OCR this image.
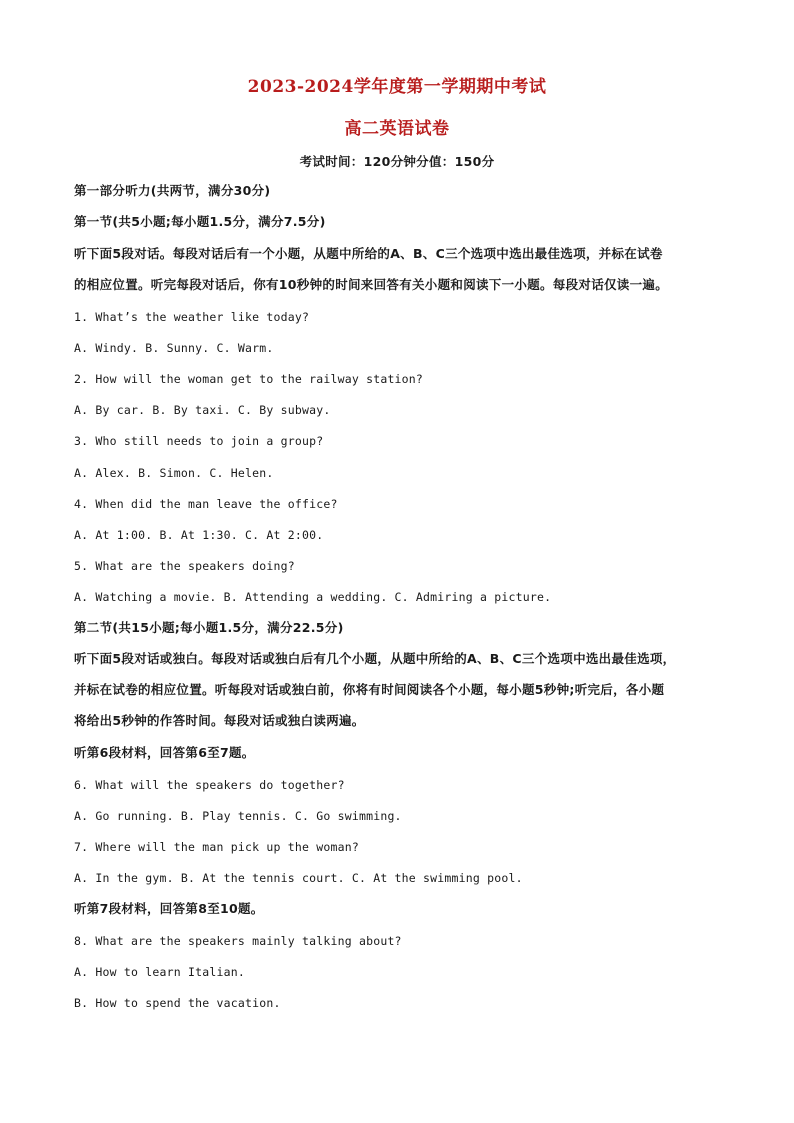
2023-2024学年度第一学期期中考试
高二英语试卷
考试时间：120分钟分值：150分
第一部分听力(共两节，满分30分)
第一节(共5小题;每小题1.5分，满分7.5分)
听下面5段对话。每段对话后有一个小题，从题中所给的A、B、C三个选项中选出最佳选项，并标在试卷
的相应位置。听完每段对话后，你有10秒钟的时间来回答有关小题和阅读下一小题。每段对话仅读一遍。
1. What’s the weather like today?
A. Windy. B. Sunny. C. Warm.
2. How will the woman get to the railway station?
A. By car. B. By taxi. C. By subway.
3. Who still needs to join a group?
A. Alex. B. Simon. C. Helen.
4. When did the man leave the office?
A. At 1:00. B. At 1:30. C. At 2:00.
5. What are the speakers doing?
A. Watching a movie. B. Attending a wedding. C. Admiring a picture.
第二节(共15小题;每小题1.5分，满分22.5分)
听下面5段对话或独白。每段对话或独白后有几个小题，从题中所给的A、B、C三个选项中选出最佳选项，
并标在试卷的相应位置。听每段对话或独白前，你将有时间阅读各个小题，每小题5秒钟;听完后，各小题
将给出5秒钟的作答时间。每段对话或独白读两遍。
听第6段材料，回答第6至7题。
6. What will the speakers do together?
A. Go running. B. Play tennis. C. Go swimming.
7. Where will the man pick up the woman?
A. In the gym. B. At the tennis court. C. At the swimming pool.
听第7段材料，回答第8至10题。
8. What are the speakers mainly talking about?
A. How to learn Italian.
B. How to spend the vacation.
